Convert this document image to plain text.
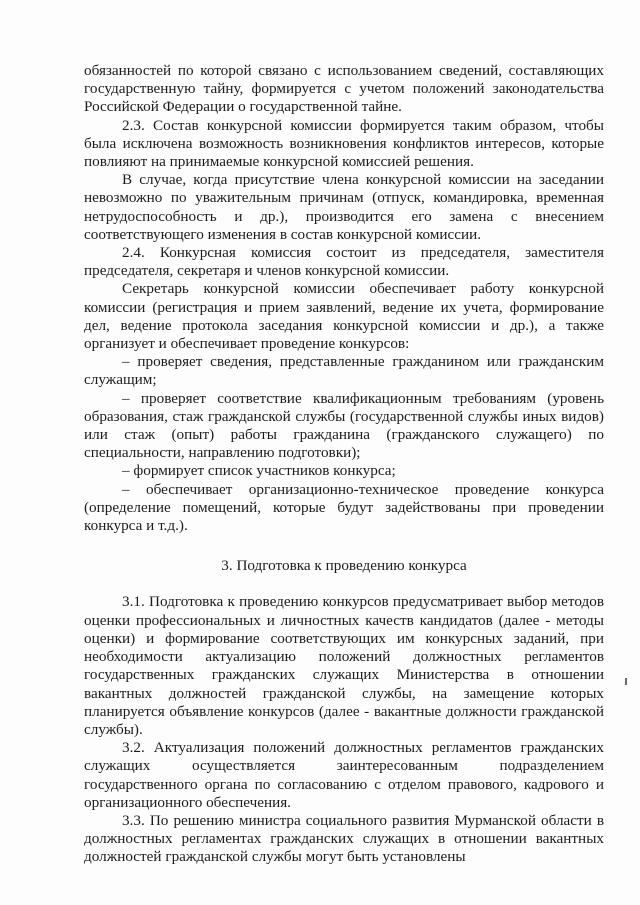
обязанностей по которой связано с использованием сведений, составляющих государственную тайну, формируется с учетом положений законодательства Российской Федерации о государственной тайне.

2.3. Состав конкурсной комиссии формируется таким образом, чтобы была исключена возможность возникновения конфликтов интересов, которые повлияют на принимаемые конкурсной комиссией решения.

В случае, когда присутствие члена конкурсной комиссии на заседании невозможно по уважительным причинам (отпуск, командировка, временная нетрудоспособность и др.), производится его замена с внесением соответствующего изменения в состав конкурсной комиссии.

2.4. Конкурсная комиссия состоит из председателя, заместителя председателя, секретаря и членов конкурсной комиссии.

Секретарь конкурсной комиссии обеспечивает работу конкурсной комиссии (регистрация и прием заявлений, ведение их учета, формирование дел, ведение протокола заседания конкурсной комиссии и др.), а также организует и обеспечивает проведение конкурсов:

– проверяет сведения, представленные гражданином или гражданским служащим;

– проверяет соответствие квалификационным требованиям (уровень образования, стаж гражданской службы (государственной службы иных видов) или стаж (опыт) работы гражданина (гражданского служащего) по специальности, направлению подготовки);

– формирует список участников конкурса;

– обеспечивает организационно-техническое проведение конкурса (определение помещений, которые будут задействованы при проведении конкурса и т.д.).

3. Подготовка к проведению конкурса

3.1. Подготовка к проведению конкурсов предусматривает выбор методов оценки профессиональных и личностных качеств кандидатов (далее - методы оценки) и формирование соответствующих им конкурсных заданий, при необходимости актуализацию положений должностных регламентов государственных гражданских служащих Министерства в отношении вакантных должностей гражданской службы, на замещение которых планируется объявление конкурсов (далее - вакантные должности гражданской службы).

3.2. Актуализация положений должностных регламентов гражданских служащих осуществляется заинтересованным подразделением государственного органа по согласованию с отделом правового, кадрового и организационного обеспечения.

3.3. По решению министра социального развития Мурманской области в должностных регламентах гражданских служащих в отношении вакантных должностей гражданской службы могут быть установлены
